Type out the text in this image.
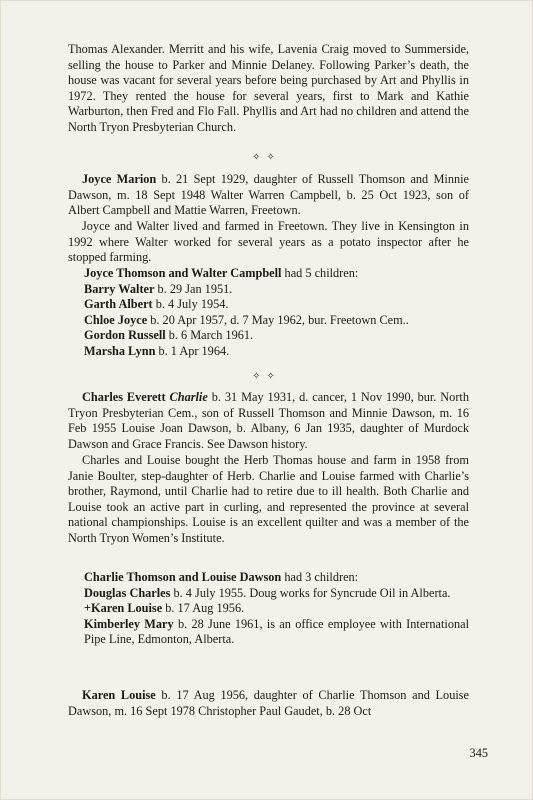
Thomas Alexander. Merritt and his wife, Lavenia Craig moved to Summerside, selling the house to Parker and Minnie Delaney. Following Parker’s death, the house was vacant for several years before being purchased by Art and Phyllis in 1972. They rented the house for several years, first to Mark and Kathie Warburton, then Fred and Flo Fall. Phyllis and Art had no children and attend the North Tryon Presbyterian Church.

✧✧

Joyce Marion b. 21 Sept 1929, daughter of Russell Thomson and Minnie Dawson, m. 18 Sept 1948 Walter Warren Campbell, b. 25 Oct 1923, son of Albert Campbell and Mattie Warren, Freetown.

Joyce and Walter lived and farmed in Freetown. They live in Kensington in 1992 where Walter worked for several years as a potato inspector after he stopped farming.

Joyce Thomson and Walter Campbell had 5 children:
Barry Walter b. 29 Jan 1951.
Garth Albert b. 4 July 1954.
Chloe Joyce b. 20 Apr 1957, d. 7 May 1962, bur. Freetown Cem..
Gordon Russell b. 6 March 1961.
Marsha Lynn b. 1 Apr 1964.
✧✧

Charles Everett Charlie b. 31 May 1931, d. cancer, 1 Nov 1990, bur. North Tryon Presbyterian Cem., son of Russell Thomson and Minnie Dawson, m. 16 Feb 1955 Louise Joan Dawson, b. Albany, 6 Jan 1935, daughter of Murdock Dawson and Grace Francis. See Dawson history.

Charles and Louise bought the Herb Thomas house and farm in 1958 from Janie Boulter, step-daughter of Herb. Charlie and Louise farmed with Charlie’s brother, Raymond, until Charlie had to retire due to ill health. Both Charlie and Louise took an active part in curling, and represented the province at several national championships. Louise is an excellent quilter and was a member of the North Tryon Women’s Institute.

Charlie Thomson and Louise Dawson had 3 children:
Douglas Charles b. 4 July 1955. Doug works for Syncrude Oil in Alberta.
+Karen Louise b. 17 Aug 1956.
Kimberley Mary b. 28 June 1961, is an office employee with International Pipe Line, Edmonton, Alberta.

Karen Louise b. 17 Aug 1956, daughter of Charlie Thomson and Louise Dawson, m. 16 Sept 1978 Christopher Paul Gaudet, b. 28 Oct

345
